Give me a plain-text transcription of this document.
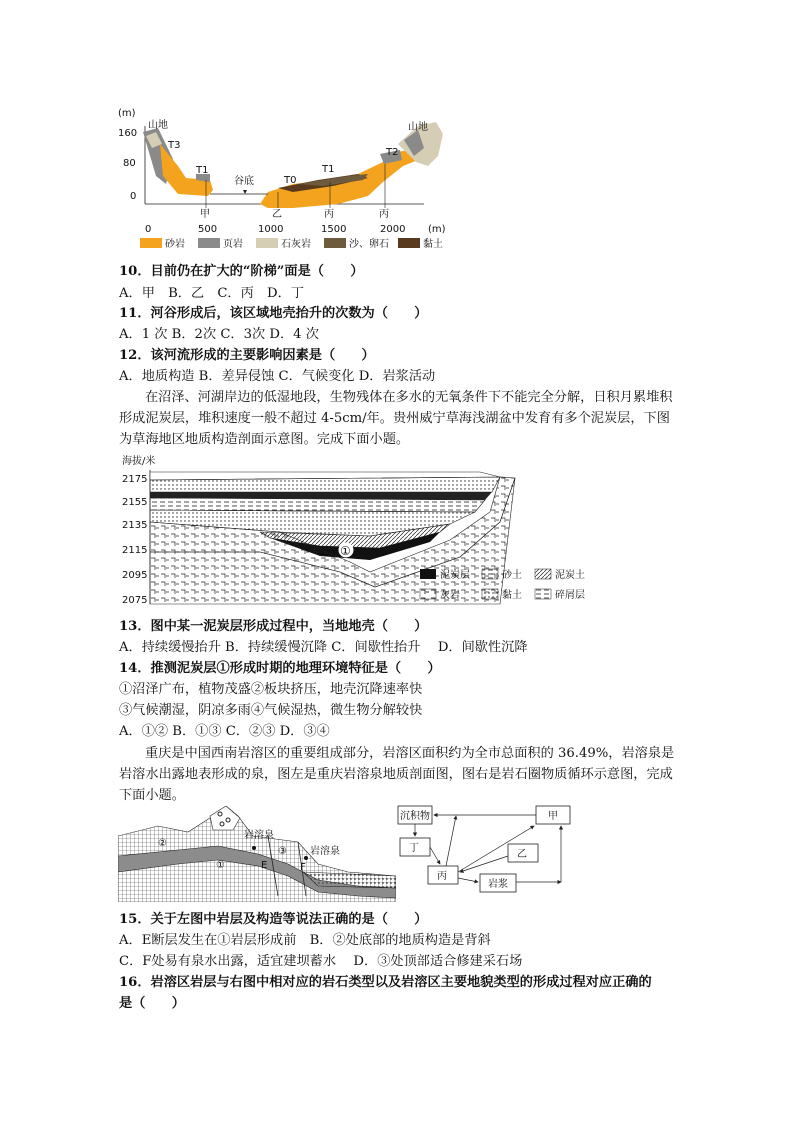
(m)
160
80
0
0	500	1000	1500	2000 (m)
山地	山地
T3
T1
T0
T1
T2
谷底
甲	乙	丙	丙
砂岩	页岩	石灰岩	沙、卵石	黏土
10．目前仍在扩大的“阶梯”面是（　　）
A．甲　B．乙　C．丙　D．丁
11．河谷形成后，该区域地壳抬升的次数为（　　）
A．1 次 B．2次 C．3次 D．4 次
12．该河流形成的主要影响因素是（　　）
A．地质构造 B．差异侵蚀 C．气候变化 D．岩浆活动
在沼泽、河湖岸边的低湿地段，生物残体在多水的无氧条件下不能完全分解，日积月累堆积形成泥炭层，堆积速度一般不超过 4-5cm/年。贵州威宁草海浅湖盆中发育有多个泥炭层，下图为草海地区地质构造剖面示意图。完成下面小题。
海拔/米
2175
2155
2135
2115
2095
2075
①
泥炭层	砂土	泥炭土
灰岩	黏土	碎屑层
13．图中某一泥炭层形成过程中，当地地壳（　　）
A．持续缓慢抬升 B．持续缓慢沉降 C．间歇性抬升　 D．间歇性沉降
14．推测泥炭层①形成时期的地理环境特征是（　　）
①沼泽广布，植物茂盛②板块挤压，地壳沉降速率快
③气候潮湿，阴凉多雨④气候湿热，微生物分解较快
A．①② B．①③ C．②③ D．③④
重庆是中国西南岩溶区的重要组成部分，岩溶区面积约为全市总面积的 36.49%，岩溶泉是岩溶水出露地表形成的泉，图左是重庆岩溶泉地质剖面图，图右是岩石圈物质循环示意图，完成下面小题。
岩溶泉
岩溶泉
①
②
③
E	F
沉积物	甲
丁
乙
丙
岩浆
15．关于左图中岩层及构造等说法正确的是（　　）
A．E断层发生在①岩层形成前　B．②处底部的地质构造是背斜
C．F处易有泉水出露，适宜建坝蓄水　 D．③处顶部适合修建采石场
16．岩溶区岩层与右图中相对应的岩石类型以及岩溶区主要地貌类型的形成过程对应正确的
是（　　）
